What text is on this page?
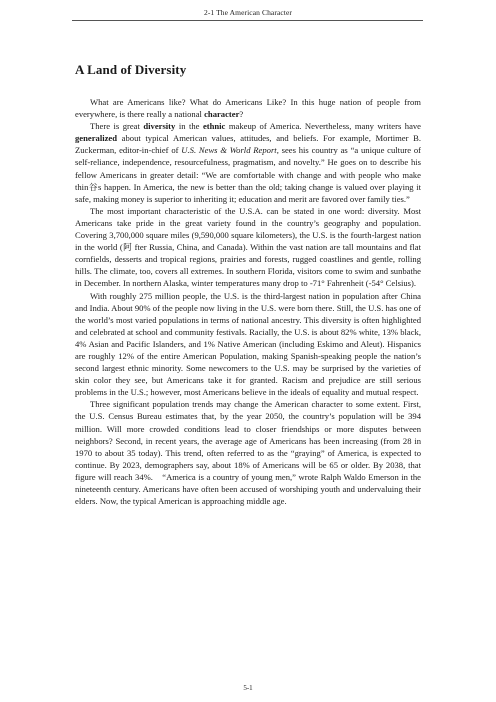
2-1 The American Character
A Land of Diversity

What are Americans like? What do Americans Like? In this huge nation of people from everywhere, is there really a national character?

There is great diversity in the ethnic makeup of America. Nevertheless, many writers have generalized about typical American values, attitudes, and beliefs. For example, Mortimer B. Zuckerman, editor-in-chief of U.S. News & World Report, sees his country as “a unique culture of self-reliance, independence, resourcefulness, pragmatism, and novelty.” He goes on to describe his fellow Americans in greater detail: “We are comfortable with change and with people who make thin谷s happen. In America, the new is better than the old; taking change is valued over playing it safe, making money is superior to inheriting it; education and merit are favored over family ties.”

The most important characteristic of the U.S.A. can be stated in one word: diversity. Most Americans take pride in the great variety found in the country’s geography and population. Covering 3,700,000 square miles (9,590,000 square kilometers), the U.S. is the fourth-largest nation in the world (阿 fter Russia, China, and Canada). Within the vast nation are tall mountains and flat cornfields, desserts and tropical regions, prairies and forests, rugged coastlines and gentle, rolling hills. The climate, too, covers all extremes. In southern Florida, visitors come to swim and sunbathe in December. In northern Alaska, winter temperatures many drop to -71° Fahrenheit (-54° Celsius).

With roughly 275 million people, the U.S. is the third-largest nation in population after China and India. About 90% of the people now living in the U.S. were born there. Still, the U.S. has one of the world’s most varied populations in terms of national ancestry. This diversity is often highlighted and celebrated at school and community festivals. Racially, the U.S. is about 82% white, 13% black, 4% Asian and Pacific Islanders, and 1% Native American (including Eskimo and Aleut). Hispanics are roughly 12% of the entire American Population, making Spanish-speaking people the nation’s second largest ethnic minority. Some newcomers to the U.S. may be surprised by the varieties of skin color they see, but Americans take it for granted. Racism and prejudice are still serious problems in the U.S.; however, most Americans believe in the ideals of equality and mutual respect.

Three significant population trends may change the American character to some extent. First, the U.S. Census Bureau estimates that, by the year 2050, the country’s population will be 394 million. Will more crowded conditions lead to closer friendships or more disputes between neighbors? Second, in recent years, the average age of Americans has been increasing (from 28 in 1970 to about 35 today). This trend, often referred to as the “graying” of America, is expected to continue. By 2023, demographers say, about 18% of Americans will be 65 or older. By 2038, that figure will reach 34%.　“America is a country of young men,” wrote Ralph Waldo Emerson in the nineteenth century. Americans have often been accused of worshiping youth and undervaluing their elders. Now, the typical American is approaching middle age.

5-1
